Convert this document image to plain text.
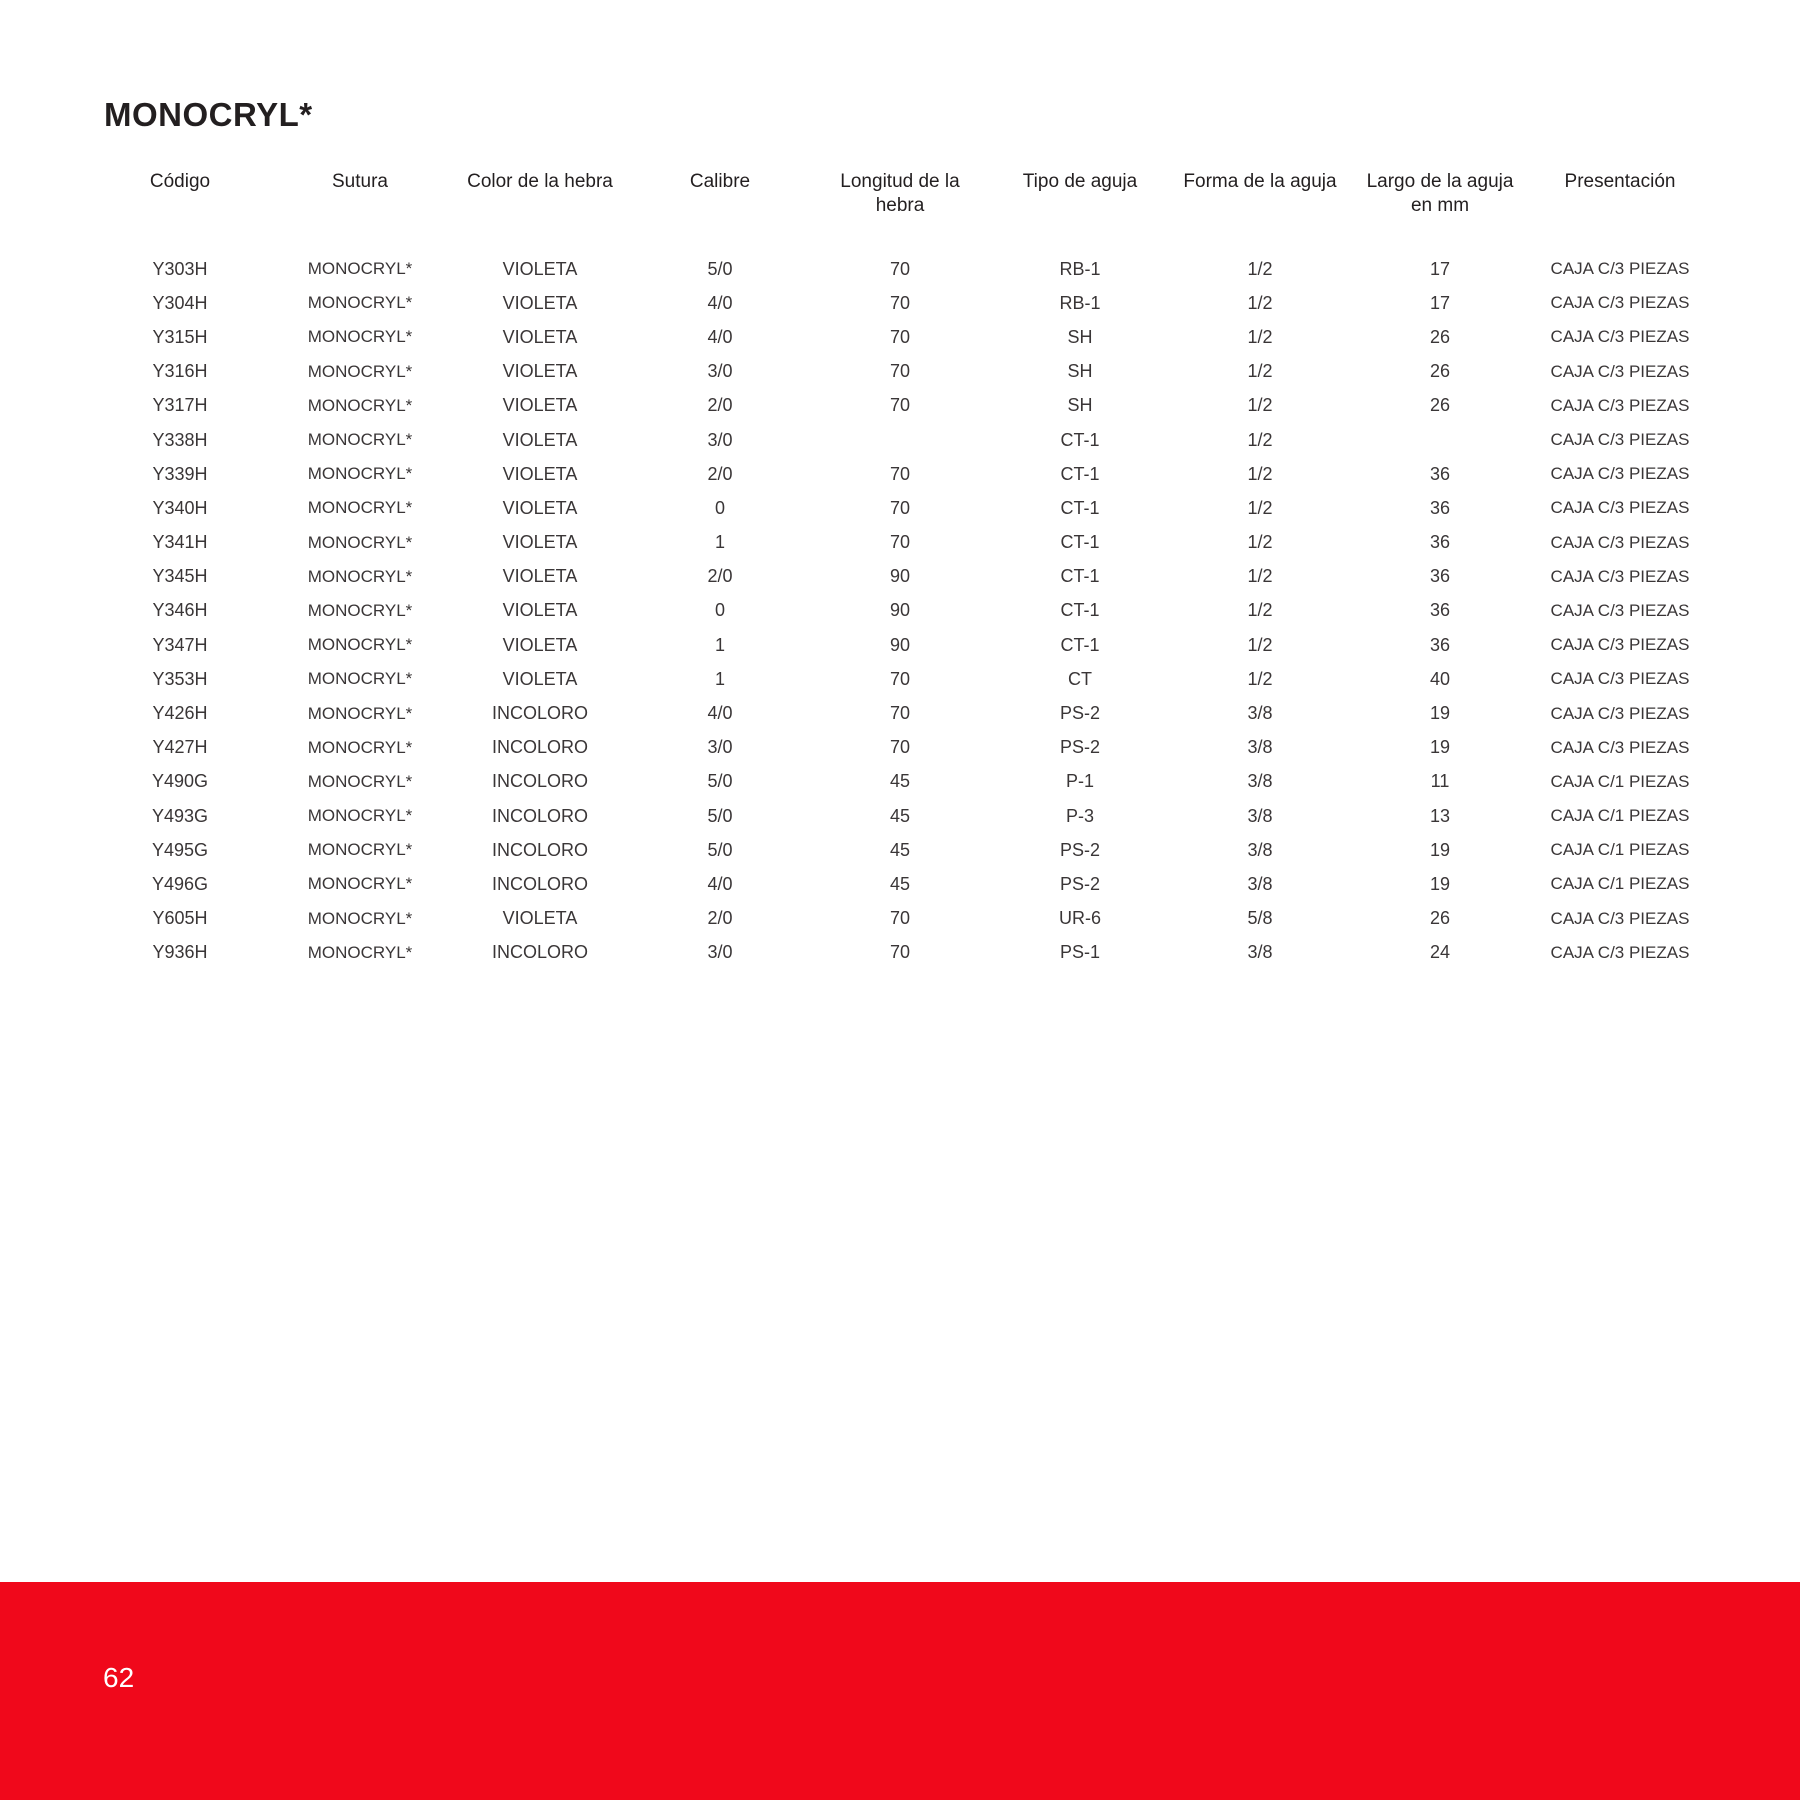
MONOCRYL*
Código	Sutura	Color de la hebra	Calibre	Longitud de la hebra	Tipo de aguja	Forma de la aguja	Largo de la aguja en mm	Presentación
Y303H	MONOCRYL*	VIOLETA	5/0	70	RB-1	1/2	17	CAJA C/3 PIEZAS
Y304H	MONOCRYL*	VIOLETA	4/0	70	RB-1	1/2	17	CAJA C/3 PIEZAS
Y315H	MONOCRYL*	VIOLETA	4/0	70	SH	1/2	26	CAJA C/3 PIEZAS
Y316H	MONOCRYL*	VIOLETA	3/0	70	SH	1/2	26	CAJA C/3 PIEZAS
Y317H	MONOCRYL*	VIOLETA	2/0	70	SH	1/2	26	CAJA C/3 PIEZAS
Y338H	MONOCRYL*	VIOLETA	3/0		CT-1	1/2		CAJA C/3 PIEZAS
Y339H	MONOCRYL*	VIOLETA	2/0	70	CT-1	1/2	36	CAJA C/3 PIEZAS
Y340H	MONOCRYL*	VIOLETA	0	70	CT-1	1/2	36	CAJA C/3 PIEZAS
Y341H	MONOCRYL*	VIOLETA	1	70	CT-1	1/2	36	CAJA C/3 PIEZAS
Y345H	MONOCRYL*	VIOLETA	2/0	90	CT-1	1/2	36	CAJA C/3 PIEZAS
Y346H	MONOCRYL*	VIOLETA	0	90	CT-1	1/2	36	CAJA C/3 PIEZAS
Y347H	MONOCRYL*	VIOLETA	1	90	CT-1	1/2	36	CAJA C/3 PIEZAS
Y353H	MONOCRYL*	VIOLETA	1	70	CT	1/2	40	CAJA C/3 PIEZAS
Y426H	MONOCRYL*	INCOLORO	4/0	70	PS-2	3/8	19	CAJA C/3 PIEZAS
Y427H	MONOCRYL*	INCOLORO	3/0	70	PS-2	3/8	19	CAJA C/3 PIEZAS
Y490G	MONOCRYL*	INCOLORO	5/0	45	P-1	3/8	11	CAJA C/1 PIEZAS
Y493G	MONOCRYL*	INCOLORO	5/0	45	P-3	3/8	13	CAJA C/1 PIEZAS
Y495G	MONOCRYL*	INCOLORO	5/0	45	PS-2	3/8	19	CAJA C/1 PIEZAS
Y496G	MONOCRYL*	INCOLORO	4/0	45	PS-2	3/8	19	CAJA C/1 PIEZAS
Y605H	MONOCRYL*	VIOLETA	2/0	70	UR-6	5/8	26	CAJA C/3 PIEZAS
Y936H	MONOCRYL*	INCOLORO	3/0	70	PS-1	3/8	24	CAJA C/3 PIEZAS
62
